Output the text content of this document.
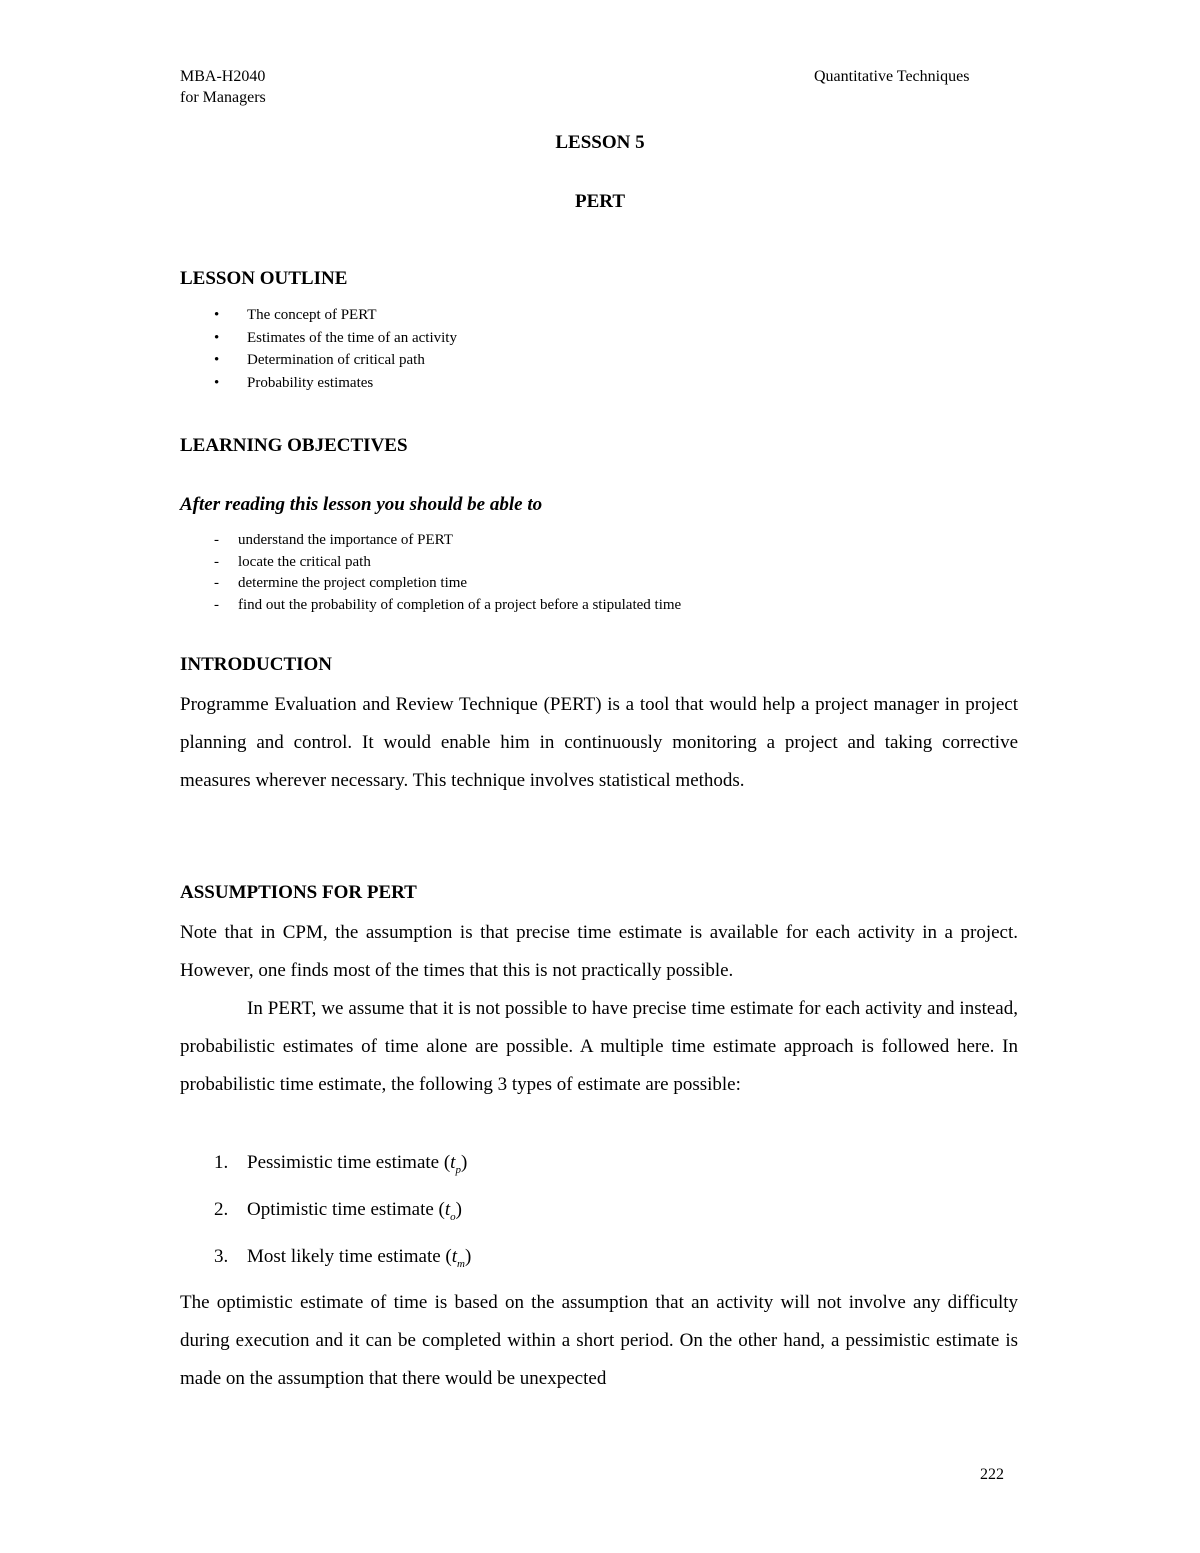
MBA-H2040
for Managers
Quantitative Techniques
LESSON 5
PERT
LESSON OUTLINE
• The concept of PERT
• Estimates of the time of an activity
• Determination of critical path
• Probability estimates
LEARNING OBJECTIVES
After reading this lesson you should be able to
- understand the importance of PERT
- locate the critical path
- determine the project completion time
- find out the probability of completion of a project before a stipulated time
INTRODUCTION

Programme Evaluation and Review Technique (PERT) is a tool that would help a project manager in project planning and control. It would enable him in continuously monitoring a project and taking corrective measures wherever necessary. This technique involves statistical methods.

ASSUMPTIONS FOR PERT

Note that in CPM, the assumption is that precise time estimate is available for each activity in a project. However, one finds most of the times that this is not practically possible.

In PERT, we assume that it is not possible to have precise time estimate for each activity and instead, probabilistic estimates of time alone are possible. A multiple time estimate approach is followed here. In probabilistic time estimate, the following 3 types of estimate are possible:

1. Pessimistic time estimate $(t_p)$
2. Optimistic time estimate $(t_o)$
3. Most likely time estimate $(t_m)$

The optimistic estimate of time is based on the assumption that an activity will not involve any difficulty during execution and it can be completed within a short period. On the other hand, a pessimistic estimate is made on the assumption that there would be unexpected

222
